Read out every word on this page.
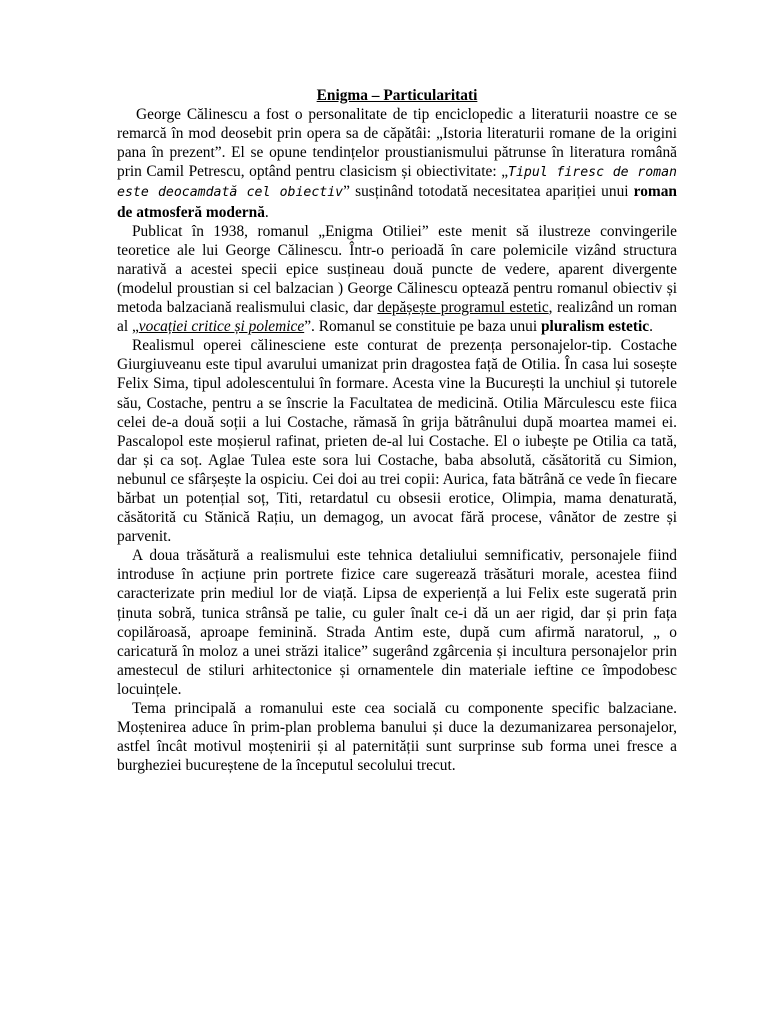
Enigma – Particularitati

George Călinescu a fost o personalitate de tip enciclopedic a literaturii noastre ce se remarcă în mod deosebit prin opera sa de căpătâi: „Istoria literaturii romane de la origini pana în prezent”. El se opune tendințelor proustianismului pătrunse în literatura română prin Camil Petrescu, optând pentru clasicism și obiectivitate: „Tipul firesc de roman este deocamdată cel obiectiv” susținând totodată necesitatea apariției unui roman de atmosferă modernă.

Publicat în 1938, romanul „Enigma Otiliei” este menit să ilustreze convingerile teoretice ale lui George Călinescu. Într-o perioadă în care polemicile vizând structura narativă a acestei specii epice susțineau două puncte de vedere, aparent divergente (modelul proustian si cel balzacian ) George Călinescu optează pentru romanul obiectiv și metoda balzaciană realismului clasic, dar depășește programul estetic, realizând un roman al „vocației critice și polemice”. Romanul se constituie pe baza unui pluralism estetic.

Realismul operei călinesciene este conturat de prezența personajelor-tip. Costache Giurgiuveanu este tipul avarului umanizat prin dragostea față de Otilia. În casa lui sosește Felix Sima, tipul adolescentului în formare. Acesta vine la București la unchiul și tutorele său, Costache, pentru a se înscrie la Facultatea de medicină. Otilia Mărculescu este fiica celei de-a două soții a lui Costache, rămasă în grija bătrânului după moartea mamei ei. Pascalopol este moșierul rafinat, prieten de-al lui Costache. El o iubește pe Otilia ca tată, dar și ca soț. Aglae Tulea este sora lui Costache, baba absolută, căsătorită cu Simion, nebunul ce sfârșește la ospiciu. Cei doi au trei copii: Aurica, fata bătrână ce vede în fiecare bărbat un potențial soț, Titi, retardatul cu obsesii erotice, Olimpia, mama denaturată, căsătorită cu Stănică Rațiu, un demagog, un avocat fără procese, vânător de zestre și parvenit.

A doua trăsătură a realismului este tehnica detaliului semnificativ, personajele fiind introduse în acțiune prin portrete fizice care sugerează trăsături morale, acestea fiind caracterizate prin mediul lor de viață. Lipsa de experiență a lui Felix este sugerată prin ținuta sobră, tunica strânsă pe talie, cu guler înalt ce-i dă un aer rigid, dar și prin fața copilăroasă, aproape feminină. Strada Antim este, după cum afirmă naratorul, „ o caricatură în moloz a unei străzi italice” sugerând zgârcenia și incultura personajelor prin amestecul de stiluri arhitectonice și ornamentele din materiale ieftine ce împodobesc locuințele.

Tema principală a romanului este cea socială cu componente specific balzaciane. Moștenirea aduce în prim-plan problema banului și duce la dezumanizarea personajelor, astfel încât motivul moștenirii și al paternității sunt surprinse sub forma unei fresce a burgheziei bucureștene de la începutul secolului trecut.
